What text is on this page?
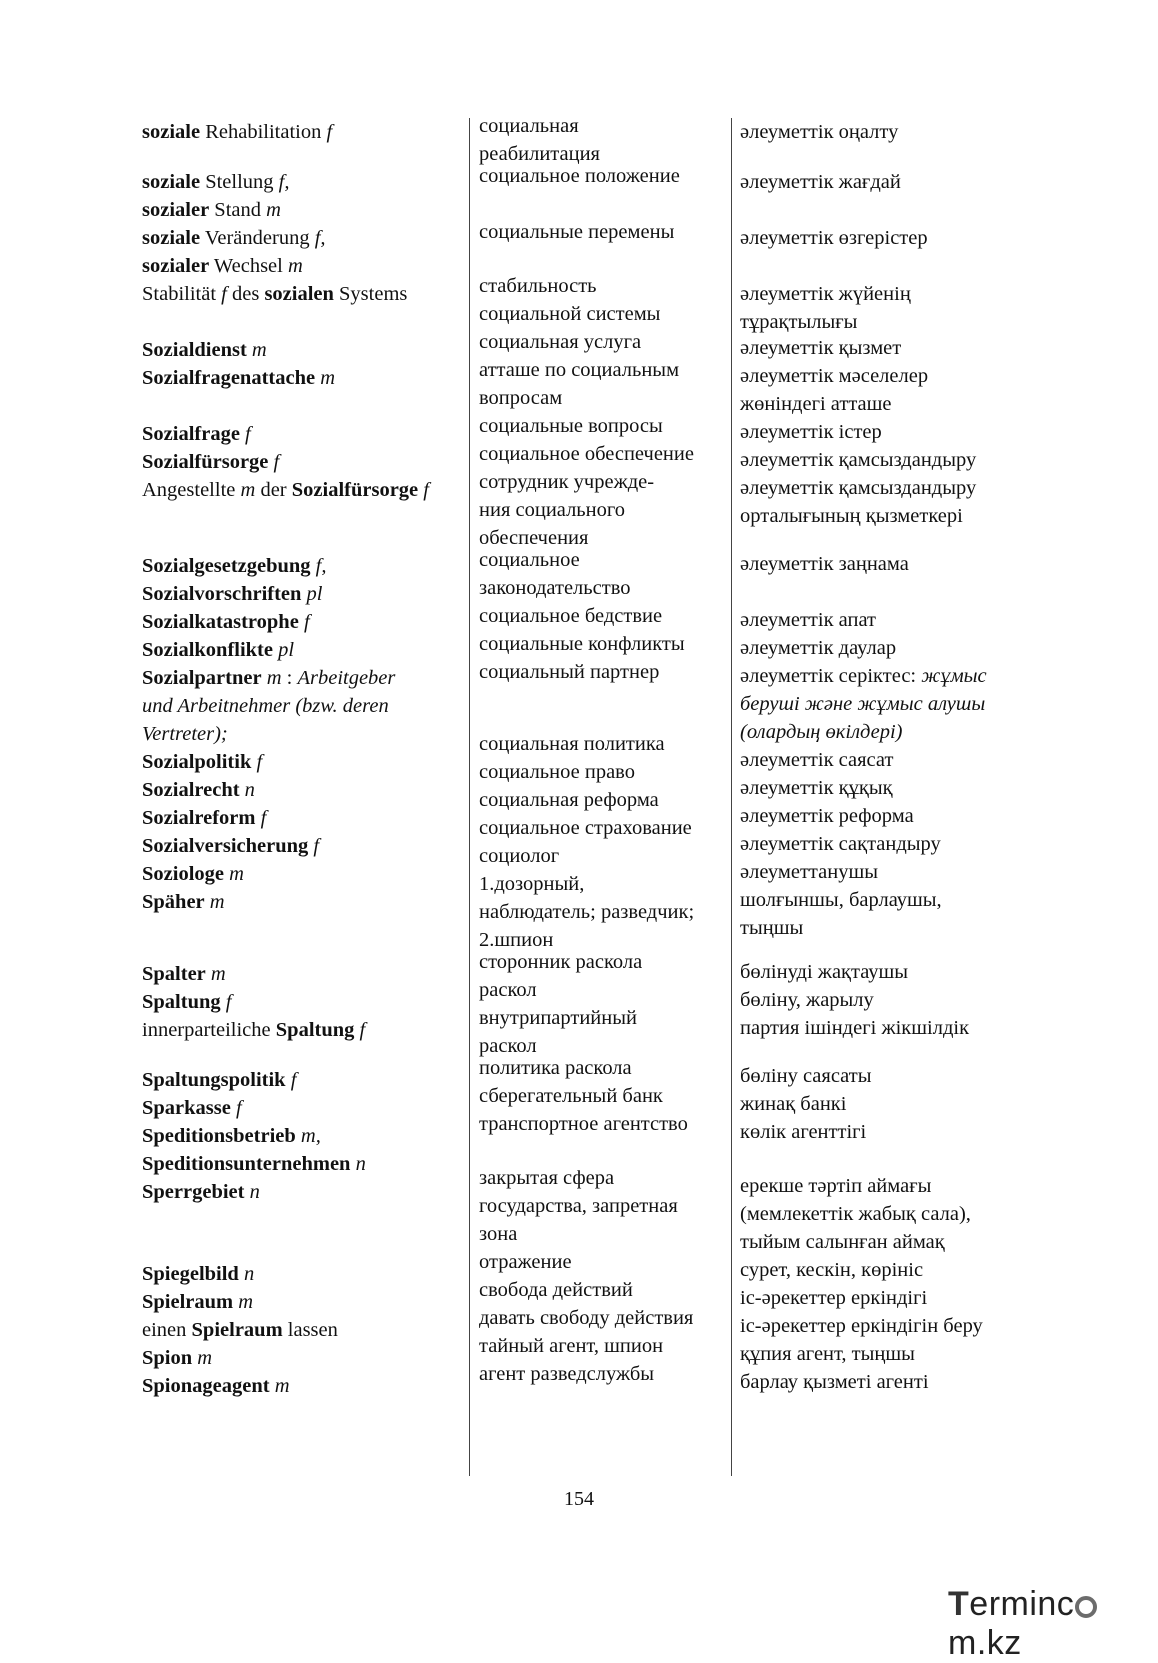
soziale Rehabilitation f
soziale Stellung f,
sozialer Stand m
soziale Veränderung f,
sozialer Wechsel m
Stabilität f des sozialen Systems
Sozialdienst m
Sozialfragenattache m
Sozialfrage f
Sozialfürsorge f
Angestellte m der Sozialfürsorge f
Sozialgesetzgebung f,
Sozialvorschriften pl
Sozialkatastrophe f
Sozialkonflikte pl
Sozialpartner m : Arbeitgeber
und Arbeitnehmer (bzw. deren
Vertreter);
Sozialpolitik f
Sozialrecht n
Sozialreform f
Sozialversicherung f
Soziologe m
Späher m
Spalter m
Spaltung f
innerparteiliche Spaltung f
Spaltungspolitik f
Sparkasse f
Speditionsbetrieb m,
Speditionsunternehmen n
Sperrgebiet n
Spiegelbild n
Spielraum m
einen Spielraum lassen
Spion m
Spionageagent m
социальная
реабилитация
социальное положение
социальные перемены
стабильность
социальной системы
социальная услуга
атташе по социальным
вопросам
социальные вопросы
социальное обеспечение
сотрудник учрежде-
ния социального
обеспечения
социальное
законодательство
социальное бедствие
социальные конфликты
социальный партнер
социальная политика
социальное право
социальная реформа
социальное страхование
социолог
1.дозорный,
наблюдатель; разведчик;
2.шпион
сторонник раскола
раскол
внутрипартийный
раскол
политика раскола
сберегательный банк
транспортное агентство
закрытая сфера
государства, запретная
зона
отражение
свобода действий
давать свободу действия
тайный агент, шпион
агент разведслужбы
әлеуметтік оңалту
әлеуметтік жағдай
әлеуметтік өзгерістер
әлеуметтік жүйенің
тұрақтылығы
әлеуметтік қызмет
әлеуметтік мәселелер
жөніндегі атташе
әлеуметтік істер
әлеуметтік қамсыздандыру
әлеуметтік қамсыздандыру
орталығының қызметкері
әлеуметтік заңнама
әлеуметтік апат
әлеуметтік даулар
әлеуметтік серіктес: жұмыс
беруші және жұмыс алушы
(олардың өкілдері)
әлеуметтік саясат
әлеуметтік құқық
әлеуметтік реформа
әлеуметтік сақтандыру
әлеуметтанушы
шолғыншы, барлаушы,
тыңшы
бөлінуді жақтаушы
бөліну, жарылу
партия ішіндегі жікшілдік
бөліну саясаты
жинақ банкі
көлік агенттігі
ерекше тәртіп аймағы
(мемлекеттік жабық сала),
тыйым салынған аймақ
сурет, кескін, көрініс
іс-әрекеттер еркіндігі
іс-әрекеттер еркіндігін беру
құпия агент, тыңшы
барлау қызметі агенті
154
Termincm.kz
